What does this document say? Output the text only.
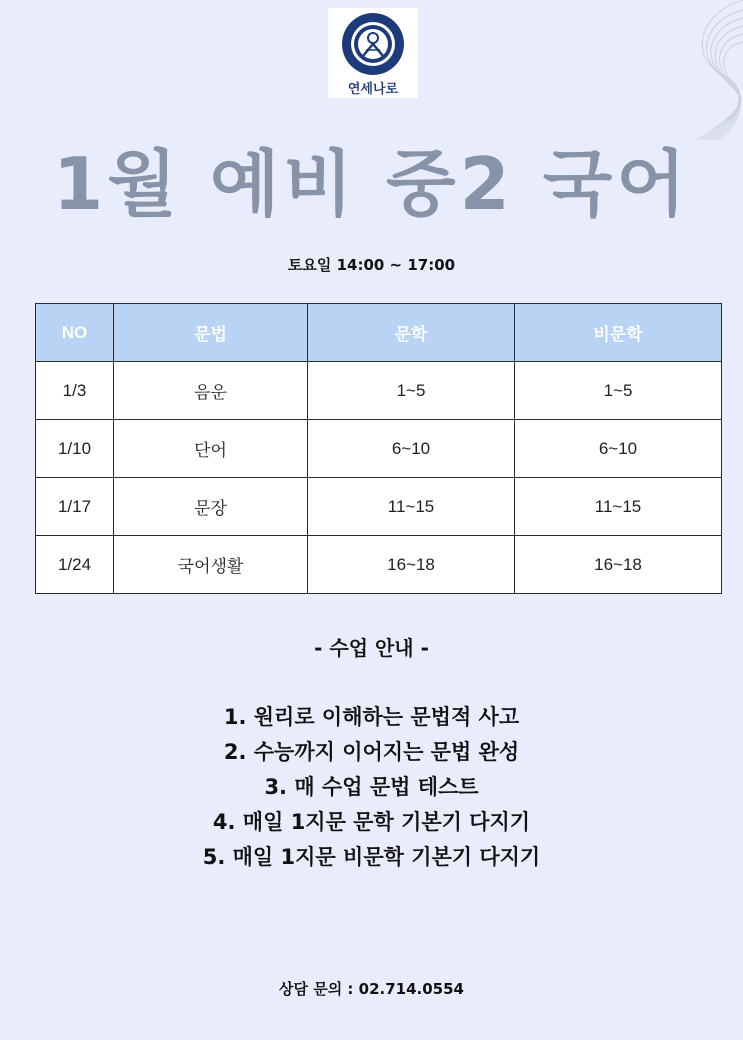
연세나로
1월 예비 중2 국어
토요일 14:00 ~ 17:00
NO	문법	문학	비문학
1/3	음운	1~5	1~5
1/10	단어	6~10	6~10
1/17	문장	11~15	11~15
1/24	국어생활	16~18	16~18
- 수업 안내 -
1. 원리로 이해하는 문법적 사고
2. 수능까지 이어지는 문법 완성
3. 매 수업 문법 테스트
4. 매일 1지문 문학 기본기 다지기
5. 매일 1지문 비문학 기본기 다지기
상담 문의 : 02.714.0554
